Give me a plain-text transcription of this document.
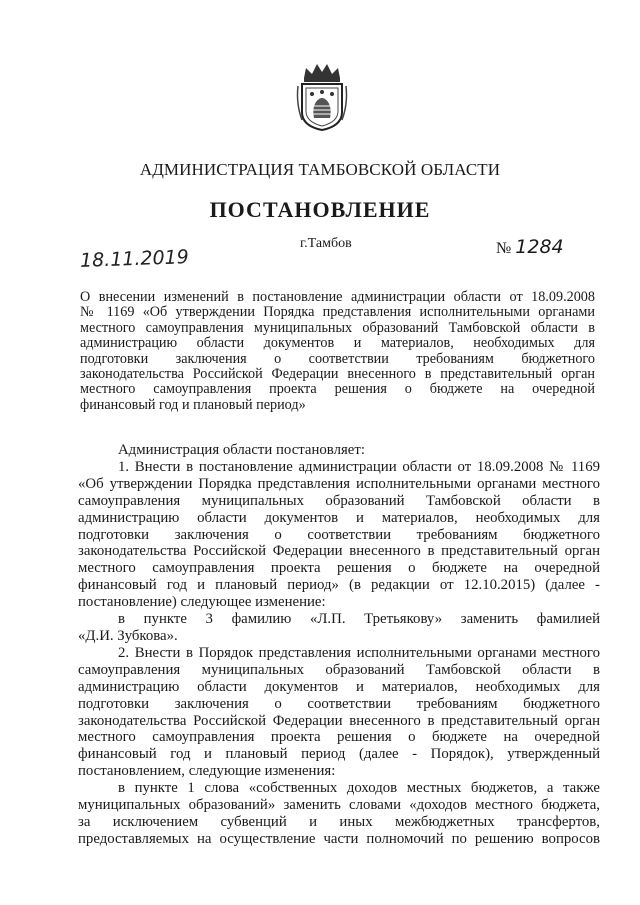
АДМИНИСТРАЦИЯ ТАМБОВСКОЙ ОБЛАСТИ
ПОСТАНОВЛЕНИЕ
18.11.2019
г.Тамбов	№ 1284
О внесении изменений в постановление администрации области от 18.09.2008
№ 1169 «Об утверждении Порядка представления исполнительными органами
местного самоуправления муниципальных образований Тамбовской области в
администрацию области документов и материалов, необходимых для
подготовки заключения о соответствии требованиям бюджетного
законодательства Российской Федерации внесенного в представительный орган
местного самоуправления проекта решения о бюджете на очередной
финансовый год и плановый период»
Администрация области постановляет:
1. Внести в постановление администрации области от 18.09.2008 № 1169
«Об утверждении Порядка представления исполнительными органами местного
самоуправления муниципальных образований Тамбовской области в
администрацию области документов и материалов, необходимых для
подготовки заключения о соответствии требованиям бюджетного
законодательства Российской Федерации внесенного в представительный орган
местного самоуправления проекта решения о бюджете на очередной
финансовый год и плановый период» (в редакции от 12.10.2015) (далее -
постановление) следующее изменение:
в пункте 3 фамилию «Л.П. Третьякову» заменить фамилией
«Д.И. Зубкова».
2. Внести в Порядок представления исполнительными органами местного
самоуправления муниципальных образований Тамбовской области в
администрацию области документов и материалов, необходимых для
подготовки заключения о соответствии требованиям бюджетного
законодательства Российской Федерации внесенного в представительный орган
местного самоуправления проекта решения о бюджете на очередной
финансовый год и плановый период (далее - Порядок), утвержденный
постановлением, следующие изменения:
в пункте 1 слова «собственных доходов местных бюджетов, а также
муниципальных образований» заменить словами «доходов местного бюджета,
за исключением субвенций и иных межбюджетных трансфертов,
предоставляемых на осуществление части полномочий по решению вопросов
